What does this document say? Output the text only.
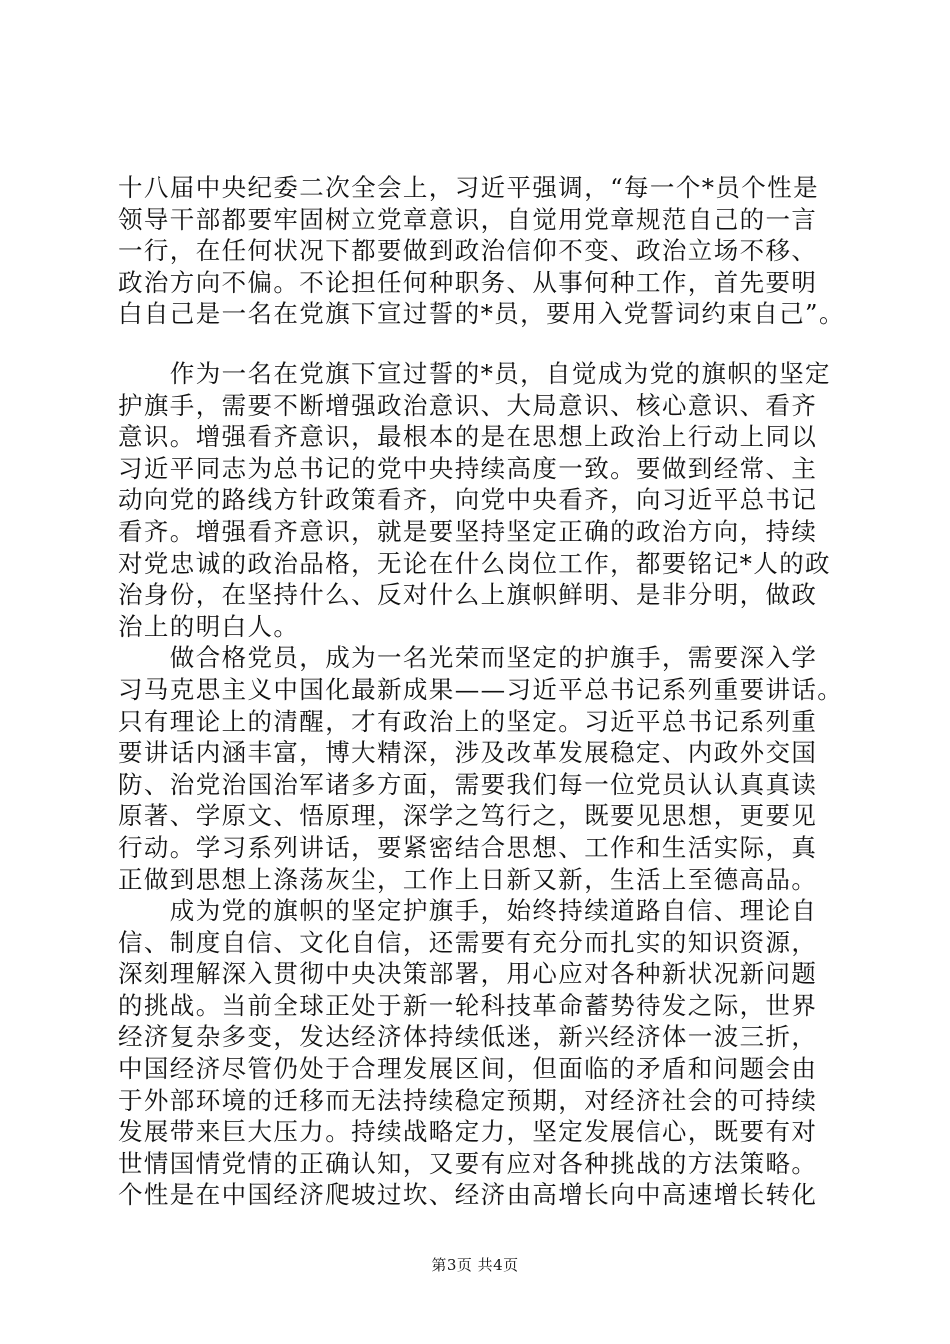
十八届中央纪委二次全会上，习近平强调，“每一个*员个性是
领导干部都要牢固树立党章意识，自觉用党章规范自己的一言
一行，在任何状况下都要做到政治信仰不变、政治立场不移、
政治方向不偏。不论担任何种职务、从事何种工作，首先要明
白自己是一名在党旗下宣过誓的*员，要用入党誓词约束自己”。
　　作为一名在党旗下宣过誓的*员，自觉成为党的旗帜的坚定
护旗手，需要不断增强政治意识、大局意识、核心意识、看齐
意识。增强看齐意识，最根本的是在思想上政治上行动上同以
习近平同志为总书记的党中央持续高度一致。要做到经常、主
动向党的路线方针政策看齐，向党中央看齐，向习近平总书记
看齐。增强看齐意识，就是要坚持坚定正确的政治方向，持续
对党忠诚的政治品格，无论在什么岗位工作，都要铭记*人的政
治身份，在坚持什么、反对什么上旗帜鲜明、是非分明，做政
治上的明白人。
　　做合格党员，成为一名光荣而坚定的护旗手，需要深入学
习马克思主义中国化最新成果——习近平总书记系列重要讲话。
只有理论上的清醒，才有政治上的坚定。习近平总书记系列重
要讲话内涵丰富，博大精深，涉及改革发展稳定、内政外交国
防、治党治国治军诸多方面，需要我们每一位党员认认真真读
原著、学原文、悟原理，深学之笃行之，既要见思想，更要见
行动。学习系列讲话，要紧密结合思想、工作和生活实际，真
正做到思想上涤荡灰尘，工作上日新又新，生活上至德高品。
　　成为党的旗帜的坚定护旗手，始终持续道路自信、理论自
信、制度自信、文化自信，还需要有充分而扎实的知识资源，
深刻理解深入贯彻中央决策部署，用心应对各种新状况新问题
的挑战。当前全球正处于新一轮科技革命蓄势待发之际，世界
经济复杂多变，发达经济体持续低迷，新兴经济体一波三折，
中国经济尽管仍处于合理发展区间，但面临的矛盾和问题会由
于外部环境的迁移而无法持续稳定预期，对经济社会的可持续
发展带来巨大压力。持续战略定力，坚定发展信心，既要有对
世情国情党情的正确认知，又要有应对各种挑战的方法策略。
个性是在中国经济爬坡过坎、经济由高增长向中高速增长转化
第3页 共4页
